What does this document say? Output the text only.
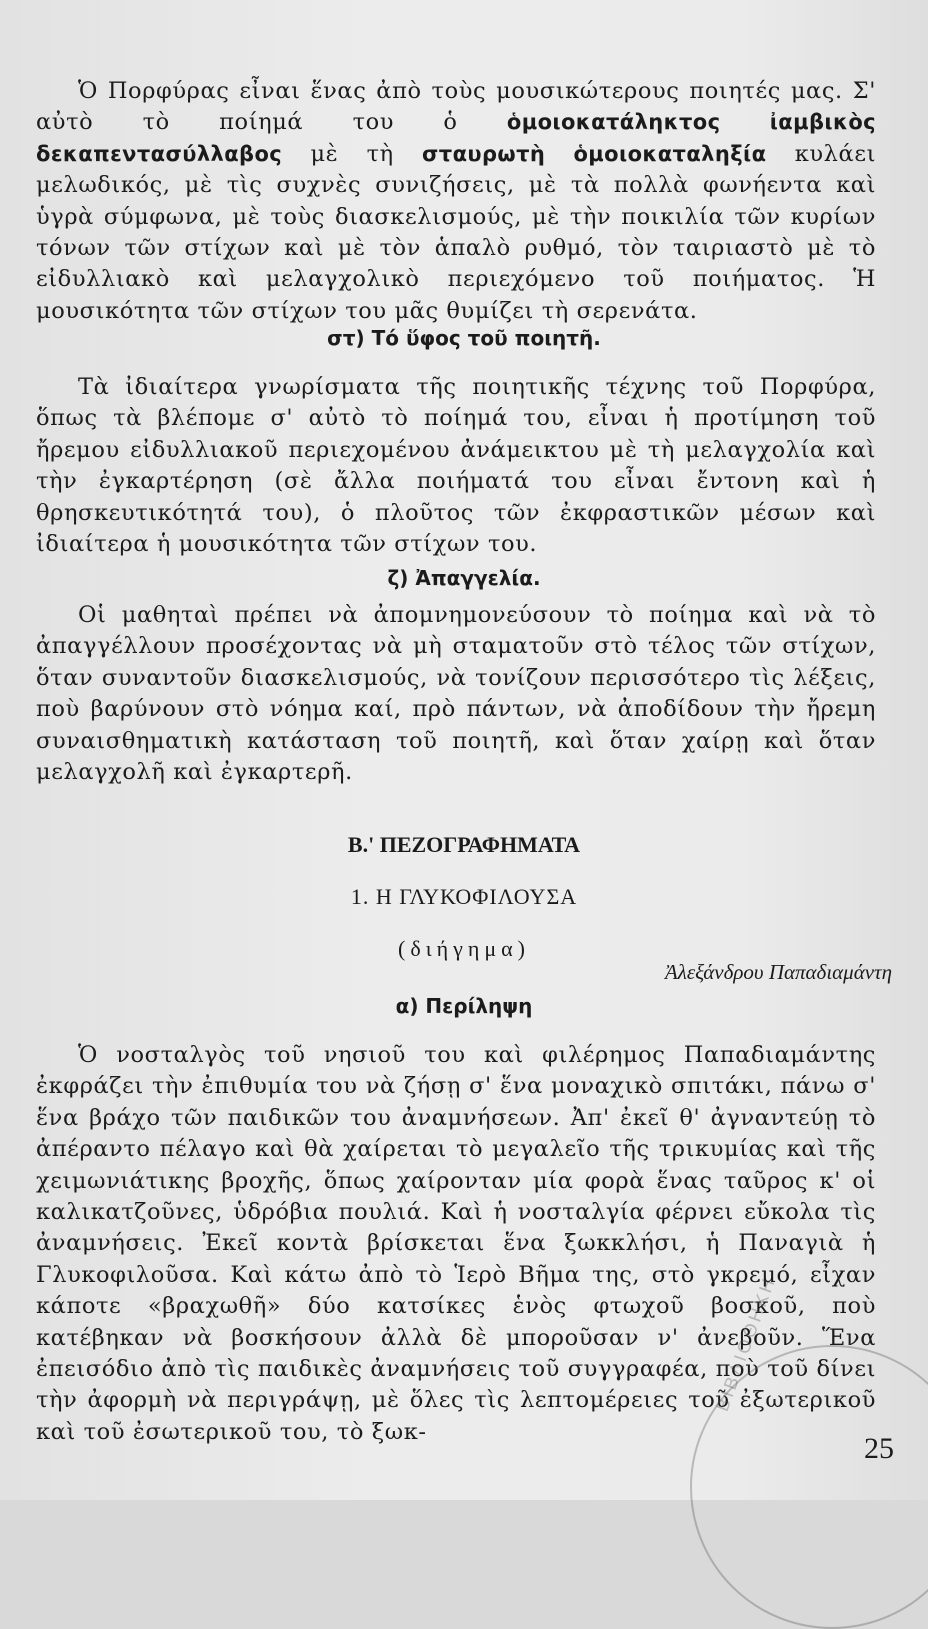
Ὁ Πορφύρας εἶναι ἕνας ἀπὸ τοὺς μουσικώτερους ποιητές μας. Σ' αὐτὸ τὸ ποίημά του ὁ ὁμοιοκατάληκτος ἰαμβικὸς δεκαπεντασύλλαβος μὲ τὴ σταυρωτὴ ὁμοιοκαταληξία κυλάει μελωδικός, μὲ τὶς συχνὲς συνιζήσεις, μὲ τὰ πολλὰ φωνήεντα καὶ ὑγρὰ σύμφωνα, μὲ τοὺς διασκελισμούς, μὲ τὴν ποικιλία τῶν κυρίων τόνων τῶν στίχων καὶ μὲ τὸν ἁπαλὸ ρυθμό, τὸν ταιριαστὸ μὲ τὸ εἰδυλλιακὸ καὶ μελαγχολικὸ περιεχόμενο τοῦ ποιήματος. Ἡ μουσικότητα τῶν στίχων του μᾶς θυμίζει τὴ σερενάτα.

στ) Τό ὕφος τοῦ ποιητῆ.

Τὰ ἰδιαίτερα γνωρίσματα τῆς ποιητικῆς τέχνης τοῦ Πορφύρα, ὅπως τὰ βλέπομε σ' αὐτὸ τὸ ποίημά του, εἶναι ἡ προτίμηση τοῦ ἤρεμου εἰδυλλιακοῦ περιεχομένου ἀνάμεικτου μὲ τὴ μελαγχολία καὶ τὴν ἐγκαρτέρηση (σὲ ἄλλα ποιήματά του εἶναι ἔντονη καὶ ἡ θρησκευτικότητά του), ὁ πλοῦτος τῶν ἐκφραστικῶν μέσων καὶ ἰδιαίτερα ἡ μουσικότητα τῶν στίχων του.

ζ) Ἀπαγγελία.

Οἱ μαθηταὶ πρέπει νὰ ἀπομνημονεύσουν τὸ ποίημα καὶ νὰ τὸ ἀπαγγέλλουν προσέχοντας νὰ μὴ σταματοῦν στὸ τέλος τῶν στίχων, ὅταν συναντοῦν διασκελισμούς, νὰ τονίζουν περισσότερο τὶς λέξεις, ποὺ βαρύνουν στὸ νόημα καί, πρὸ πάντων, νὰ ἀποδίδουν τὴν ἤρεμη συναισθηματικὴ κατάσταση τοῦ ποιητῆ, καὶ ὅταν χαίρῃ καὶ ὅταν μελαγχολῆ καὶ ἐγκαρτερῆ.

Β.' ΠΕΖΟΓΡΑΦΗΜΑΤΑ
1. Η ΓΛΥΚΟΦΙΛΟΥΣΑ
(διήγημα)
Ἀλεξάνδρου Παπαδιαμάντη
α) Περίληψη

Ὁ νοσταλγὸς τοῦ νησιοῦ του καὶ φιλέρημος Παπαδιαμάντης ἐκφράζει τὴν ἐπιθυμία του νὰ ζήσῃ σ' ἕνα μοναχικὸ σπιτάκι, πάνω σ' ἕνα βράχο τῶν παιδικῶν του ἀναμνήσεων. Ἀπ' ἐκεῖ θ' ἀγναντεύῃ τὸ ἀπέραντο πέλαγο καὶ θὰ χαίρεται τὸ μεγαλεῖο τῆς τρικυμίας καὶ τῆς χειμωνιάτικης βροχῆς, ὅπως χαίρονταν μία φορὰ ἕνας ταῦρος κ' οἱ καλικατζοῦνες, ὑδρόβια πουλιά. Καὶ ἡ νοσταλγία φέρνει εὔκολα τὶς ἀναμνήσεις. Ἐκεῖ κοντὰ βρίσκεται ἕνα ξωκκλήσι, ἡ Παναγιὰ ἡ Γλυκοφιλοῦσα. Καὶ κάτω ἀπὸ τὸ Ἱερὸ Βῆμα της, στὸ γκρεμό, εἶχαν κάποτε «βραχωθῆ» δύο κατσίκες ἑνὸς φτωχοῦ βοσκοῦ, ποὺ κατέβηκαν νὰ βοσκήσουν ἀλλὰ δὲ μποροῦσαν ν' ἀνεβοῦν. Ἕνα ἐπεισόδιο ἀπὸ τὶς παιδικὲς ἀναμνήσεις τοῦ συγγραφέα, ποὺ τοῦ δίνει τὴν ἀφορμὴ νὰ περιγράψῃ, μὲ ὅλες τὶς λεπτομέρειες τοῦ ἐξωτερικοῦ καὶ τοῦ ἐσωτερικοῦ του, τὸ ξωκ-

ΒΙΒΛΙΟΘΗΚΗ
25
